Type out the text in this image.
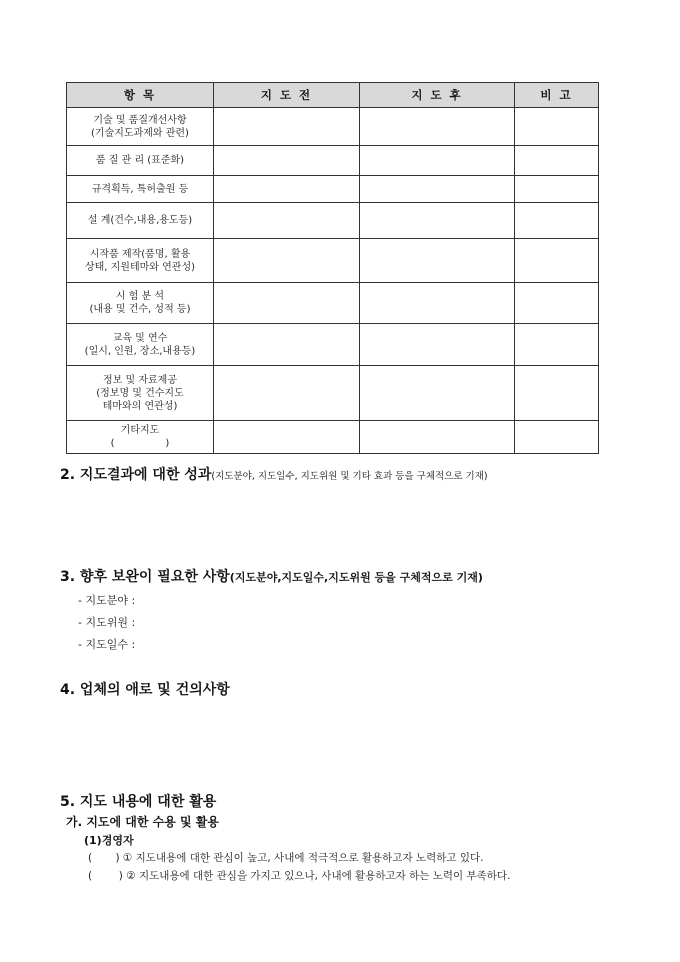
항 목	지 도 전	지 도 후	비 고

기술 및 품질개선사항
(기술지도과제와 관련)			

품 질 관 리 (표준화)			

규격획득, 특허출원 등			

설 계(건수,내용,용도등)			

시작품 제작(품명, 활용
상태, 지원테마와 연관성)			

시 험 분 석
(내용 및 건수, 성적 등)			

교육 및 연수
(일시, 인원, 장소,내용등)			

정보 및 자료제공
(정보명 및 건수지도
테마와의 연관성)			

기타지도
(                )			

2. 지도결과에 대한 성과(지도분야, 지도일수, 지도위원 및 기타 효과 등을 구체적으로 기재)
3. 향후 보완이 필요한 사항(지도분야,지도일수,지도위원 등을 구체적으로 기재)
- 지도분야 :
- 지도위원 :
- 지도일수 :
4. 업체의 애로 및 건의사항
5. 지도 내용에 대한 활용
가. 지도에 대한 수용 및 활용
(1)경영자
(       ) ① 지도내용에 대한 관심이 높고, 사내에 적극적으로 활용하고자 노력하고 있다.
(        ) ② 지도내용에 대한 관심을 가지고 있으나, 사내에 활용하고자 하는 노력이 부족하다.
